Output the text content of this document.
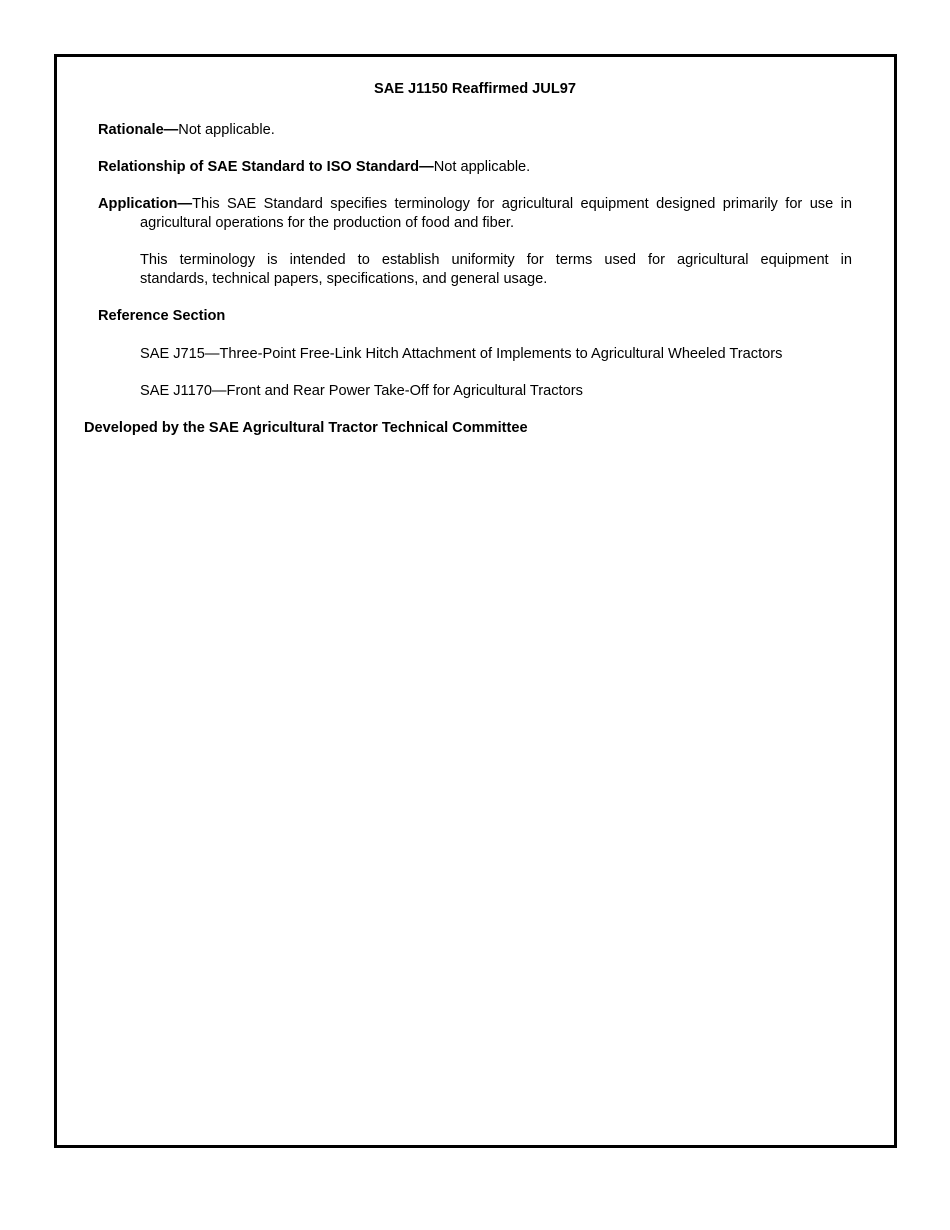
SAE J1150 Reaffirmed JUL97

Rationale—Not applicable.

Relationship of SAE Standard to ISO Standard—Not applicable.

Application—This SAE Standard specifies terminology for agricultural equipment designed primarily for use in
agricultural operations for the production of food and fiber.

This terminology is intended to establish uniformity for terms used for agricultural equipment in
standards, technical papers, specifications, and general usage.

Reference Section

SAE J715—Three-Point Free-Link Hitch Attachment of Implements to Agricultural Wheeled Tractors

SAE J1170—Front and Rear Power Take-Off for Agricultural Tractors

Developed by the SAE Agricultural Tractor Technical Committee
